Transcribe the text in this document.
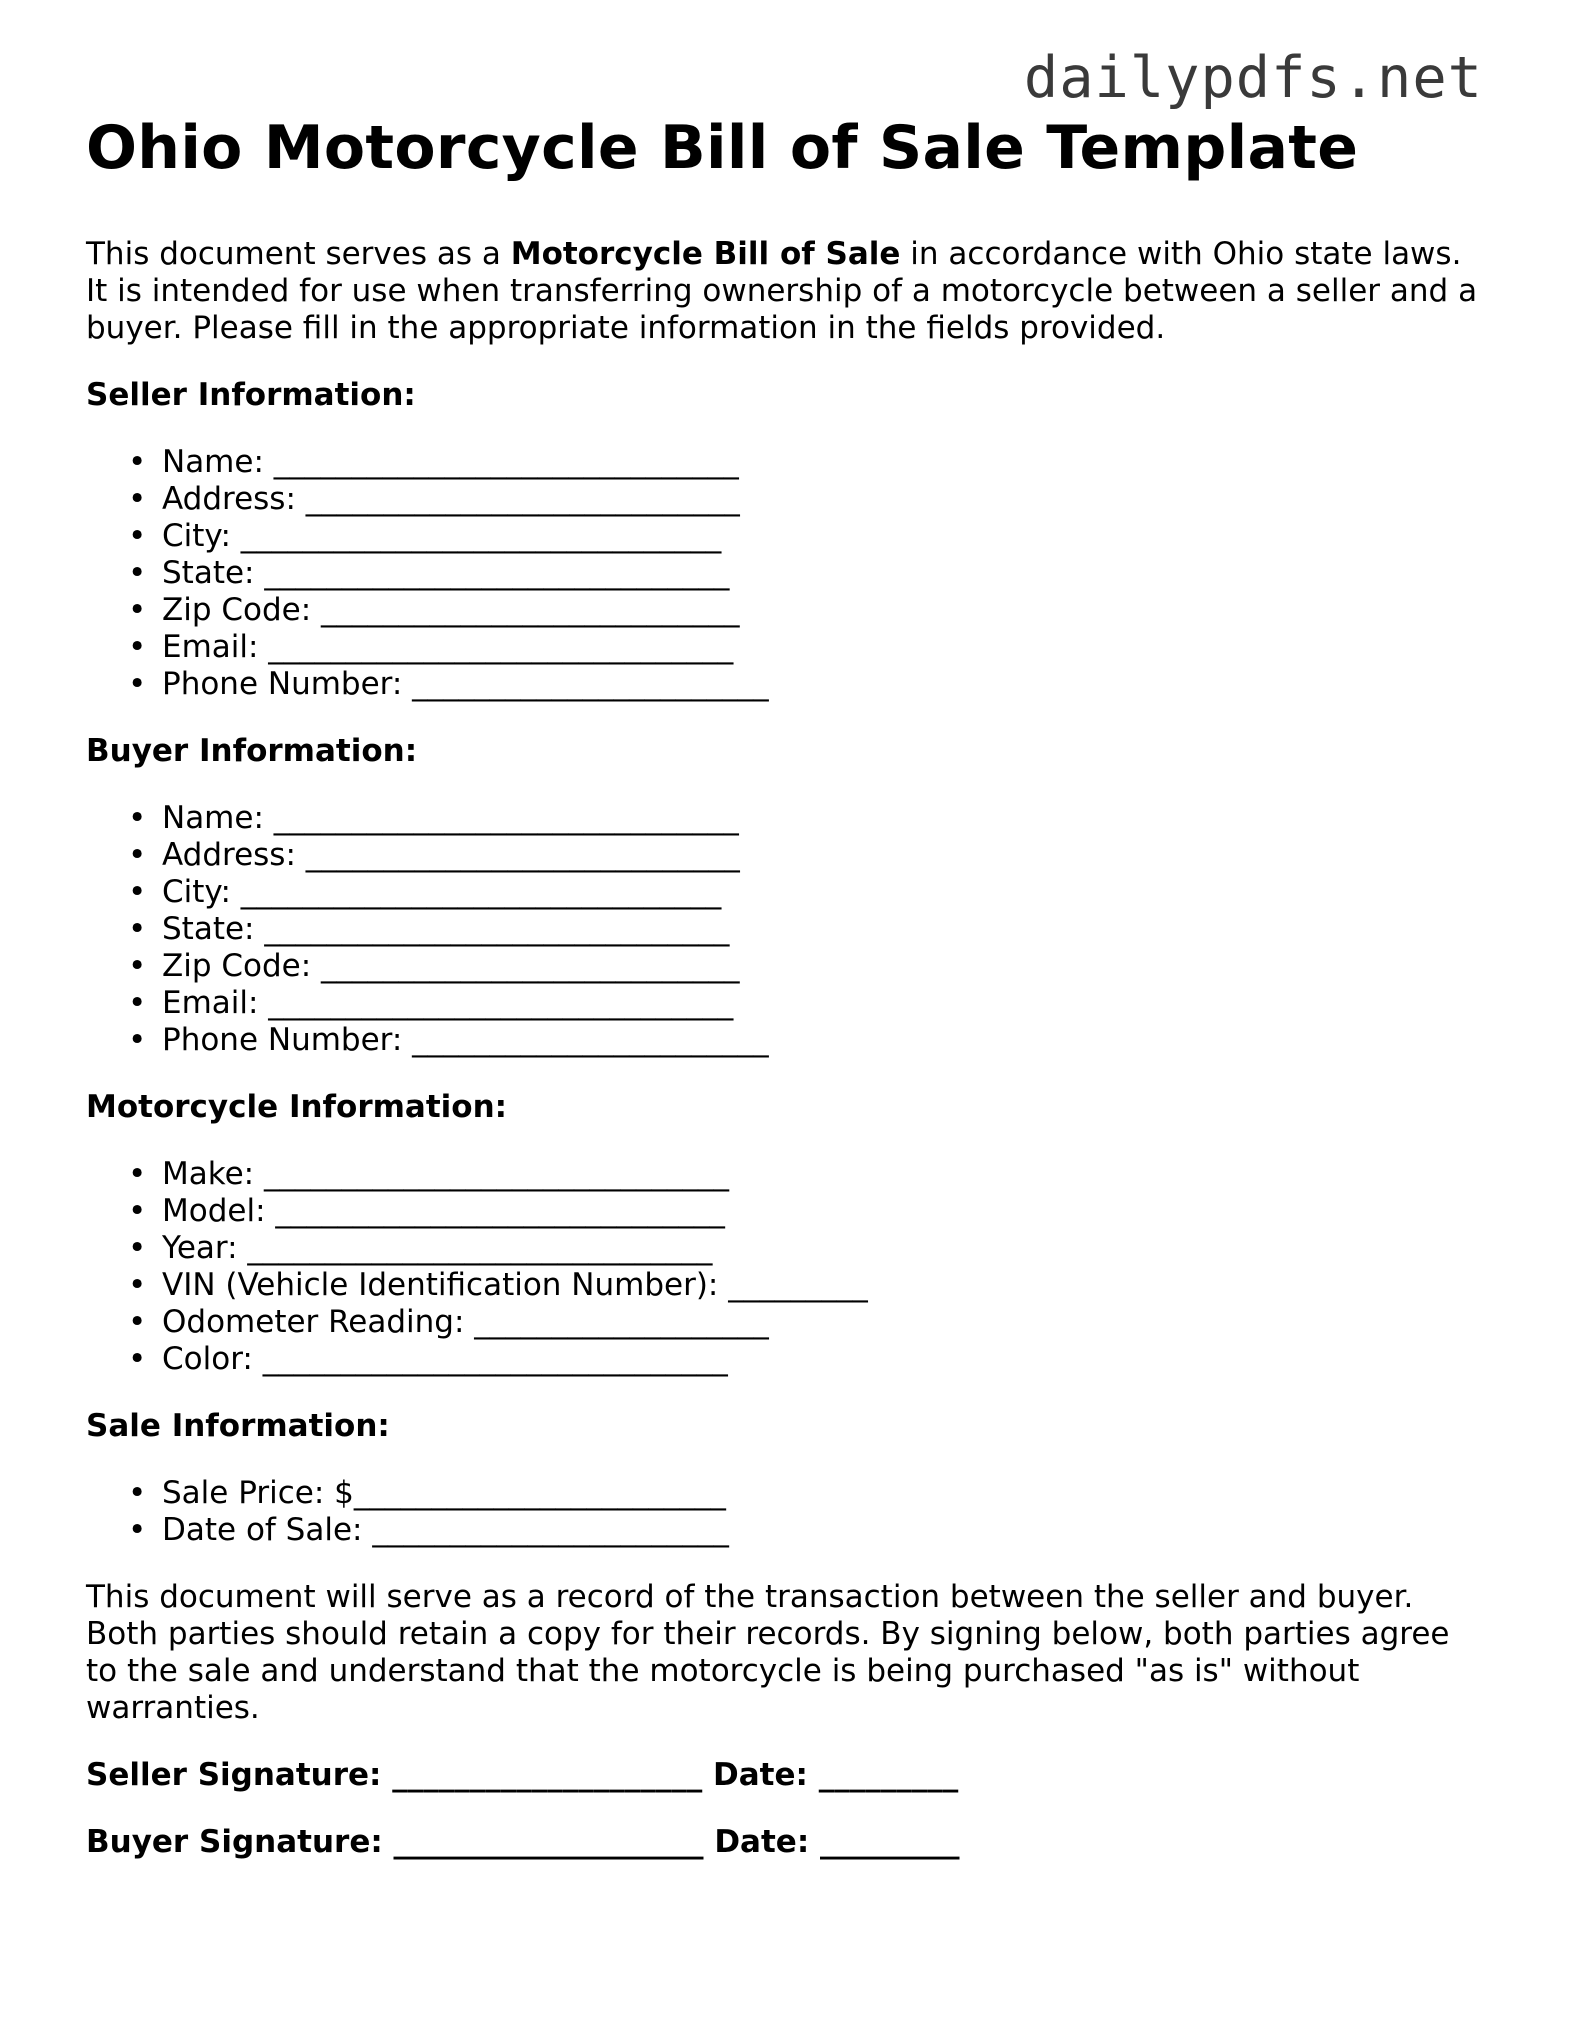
dailypdfs.net
Ohio Motorcycle Bill of Sale Template

This document serves as a Motorcycle Bill of Sale in accordance with Ohio state laws. It is intended for use when transferring ownership of a motorcycle between a seller and a buyer. Please fill in the appropriate information in the fields provided.

Seller Information:
• Name: ______________________________
• Address: ____________________________
• City: _______________________________
• State: ______________________________
• Zip Code: ___________________________
• Email: ______________________________
• Phone Number: _______________________
Buyer Information:
• Name: ______________________________
• Address: ____________________________
• City: _______________________________
• State: ______________________________
• Zip Code: ___________________________
• Email: ______________________________
• Phone Number: _______________________
Motorcycle Information:
• Make: ______________________________
• Model: _____________________________
• Year: ______________________________
• VIN (Vehicle Identification Number): _________
• Odometer Reading: ___________________
• Color: ______________________________
Sale Information:
• Sale Price: $________________________
• Date of Sale: _______________________

This document will serve as a record of the transaction between the seller and buyer. Both parties should retain a copy for their records. By signing below, both parties agree to the sale and understand that the motorcycle is being purchased "as is" without warranties.

Seller Signature: ____________________ Date: _________
Buyer Signature: ____________________ Date: _________
